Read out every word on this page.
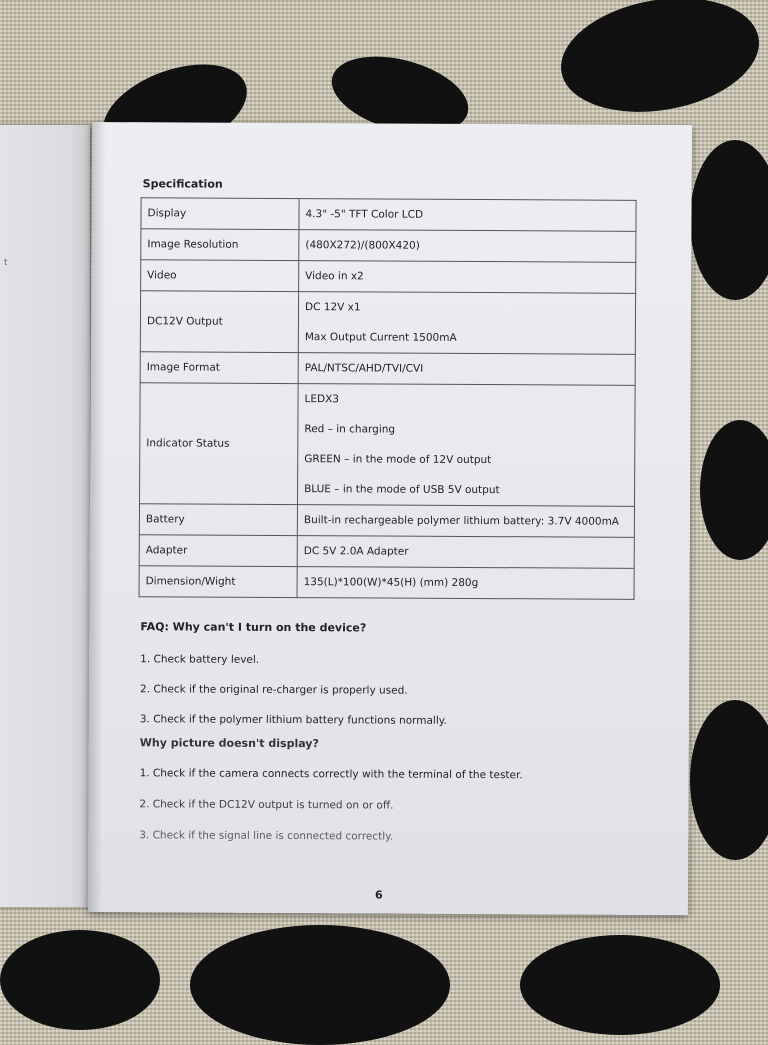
t
Specification
Display	4.3" -5" TFT Color LCD

Image Resolution	(480X272)/(800X420)

Video	Video in x2

DC12V Output	DC 12V x1
Max Output Current 1500mA

Image Format	PAL/NTSC/AHD/TVI/CVI

Indicator Status	LEDX3
Red – in charging
GREEN – in the mode of 12V output
BLUE – in the mode of USB 5V output

Battery	Built-in rechargeable polymer lithium battery: 3.7V 4000mA

Adapter	DC 5V 2.0A Adapter

Dimension/Wight	135(L)*100(W)*45(H) (mm) 280g
FAQ: Why can't I turn on the device?
1. Check battery level.
2. Check if the original re-charger is properly used.
3. Check if the polymer lithium battery functions normally.
Why picture doesn't display?
1. Check if the camera connects correctly with the terminal of the tester.
2. Check if the DC12V output is turned on or off.
3. Check if the signal line is connected correctly.
6
